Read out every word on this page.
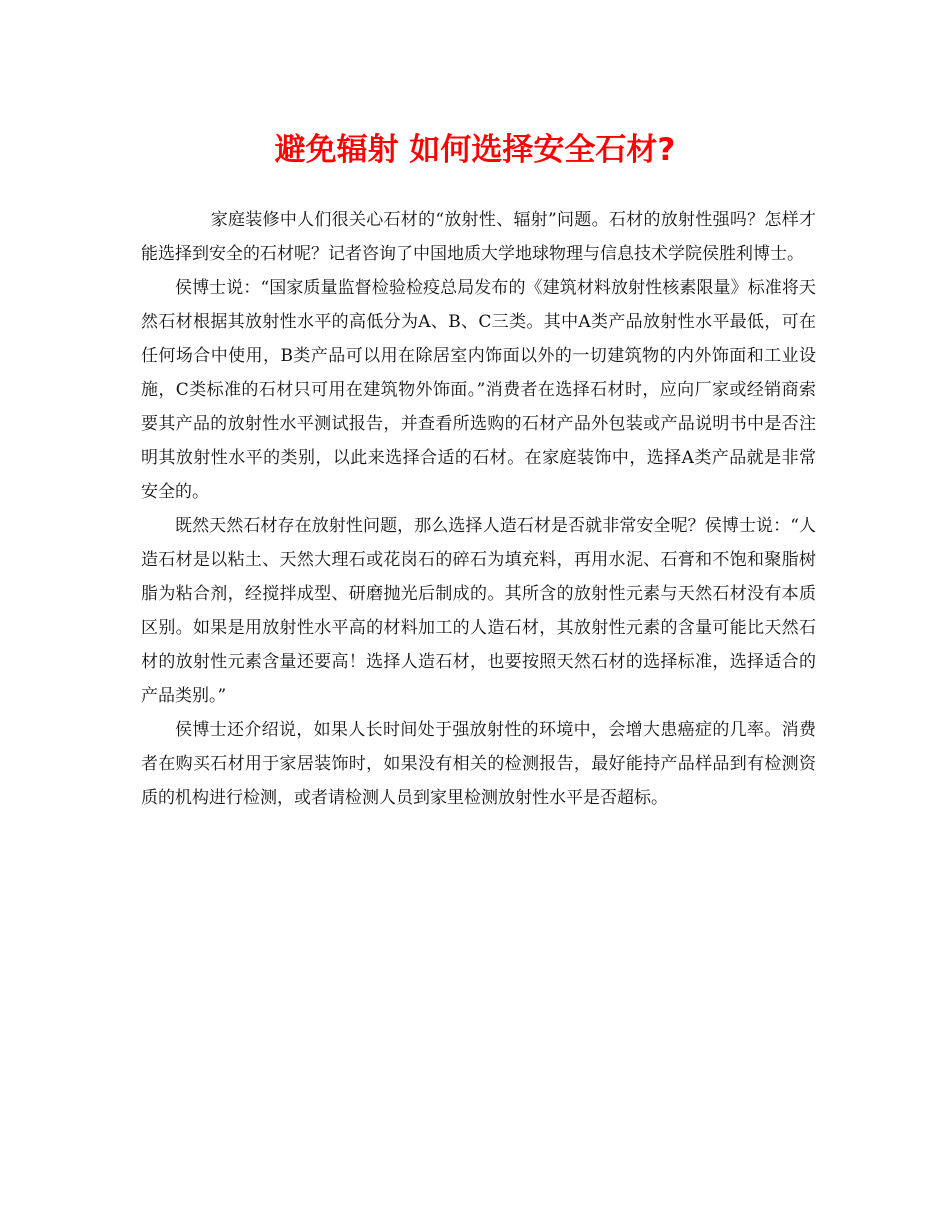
避免辐射 如何选择安全石材?

家庭装修中人们很关心石材的“放射性、辐射”问题。石材的放射性强吗？怎样才能选择到安全的石材呢？记者咨询了中国地质大学地球物理与信息技术学院侯胜利博士。

侯博士说：“国家质量监督检验检疫总局发布的《建筑材料放射性核素限量》标准将天然石材根据其放射性水平的高低分为A、B、C三类。其中A类产品放射性水平最低，可在任何场合中使用，B类产品可以用在除居室内饰面以外的一切建筑物的内外饰面和工业设施，C类标准的石材只可用在建筑物外饰面。”消费者在选择石材时，应向厂家或经销商索要其产品的放射性水平测试报告，并查看所选购的石材产品外包装或产品说明书中是否注明其放射性水平的类别，以此来选择合适的石材。在家庭装饰中，选择A类产品就是非常安全的。

既然天然石材存在放射性问题，那么选择人造石材是否就非常安全呢？侯博士说：“人造石材是以粘土、天然大理石或花岗石的碎石为填充料，再用水泥、石膏和不饱和聚脂树脂为粘合剂，经搅拌成型、研磨抛光后制成的。其所含的放射性元素与天然石材没有本质区别。如果是用放射性水平高的材料加工的人造石材，其放射性元素的含量可能比天然石材的放射性元素含量还要高！选择人造石材，也要按照天然石材的选择标准，选择适合的产品类别。”

侯博士还介绍说，如果人长时间处于强放射性的环境中，会增大患癌症的几率。消费者在购买石材用于家居装饰时，如果没有相关的检测报告，最好能持产品样品到有检测资质的机构进行检测，或者请检测人员到家里检测放射性水平是否超标。
